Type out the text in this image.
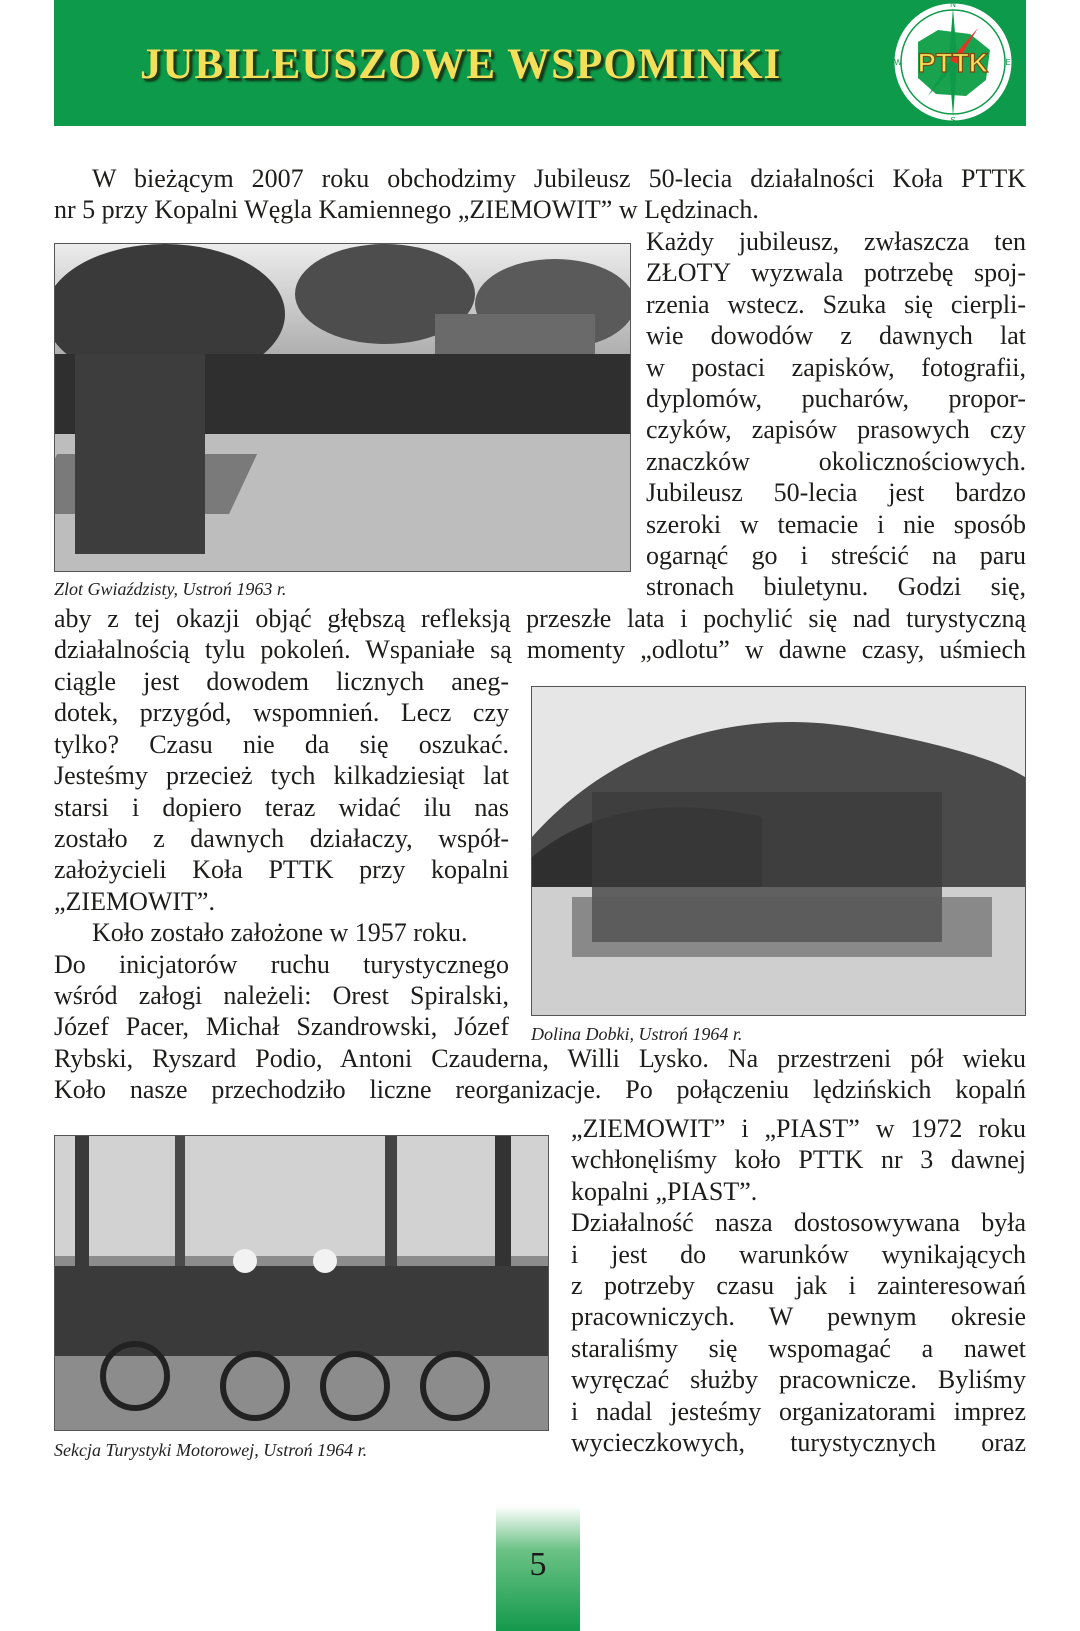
JUBILEUSZOWE WSPOMINKI
N
S
W	E
PTTK
W bieżącym 2007 roku obchodzimy Jubileusz 50-lecia działalności Koła PTTK
nr 5 przy Kopalni Węgla Kamiennego „ZIEMOWIT” w Lędzinach.
Zlot Gwiaździsty, Ustroń 1963 r.
Każdy jubileusz, zwłaszcza ten
ZŁOTY wyzwala potrzebę spoj-
rzenia wstecz. Szuka się cierpli-
wie dowodów z dawnych lat
w postaci zapisków, fotografii,
dyplomów, pucharów, propor-
czyków, zapisów prasowych czy
znaczków okolicznościowych.
Jubileusz 50-lecia jest bardzo
szeroki w temacie i nie sposób
ogarnąć go i streścić na paru
stronach biuletynu. Godzi się,
aby z tej okazji objąć głębszą refleksją przeszłe lata i pochylić się nad turystyczną
działalnością tylu pokoleń. Wspaniałe są momenty „odlotu” w dawne czasy, uśmiech
ciągle jest dowodem licznych aneg-
dotek, przygód, wspomnień. Lecz czy
tylko? Czasu nie da się oszukać.
Jesteśmy przecież tych kilkadziesiąt lat
starsi i dopiero teraz widać ilu nas
zostało z dawnych działaczy, współ-
założycieli Koła PTTK przy kopalni
„ZIEMOWIT”.
Koło zostało założone w 1957 roku.
Do inicjatorów ruchu turystycznego
wśród załogi należeli: Orest Spiralski,
Józef Pacer, Michał Szandrowski, Józef Dolina Dobki, Ustroń 1964 r.
Rybski, Ryszard Podio, Antoni Czauderna, Willi Lysko. Na przestrzeni pół wieku
Koło nasze przechodziło liczne reorganizacje. Po połączeniu lędzińskich kopalń
Sekcja Turystyki Motorowej, Ustroń 1964 r.
„ZIEMOWIT” i „PIAST” w 1972 roku
wchłonęliśmy koło PTTK nr 3 dawnej
kopalni „PIAST”.
Działalność nasza dostosowywana była
i jest do warunków wynikających
z potrzeby czasu jak i zainteresowań
pracowniczych. W pewnym okresie
staraliśmy się wspomagać a nawet
wyręczać służby pracownicze. Byliśmy
i nadal jesteśmy organizatorami imprez
wycieczkowych, turystycznych oraz
5
